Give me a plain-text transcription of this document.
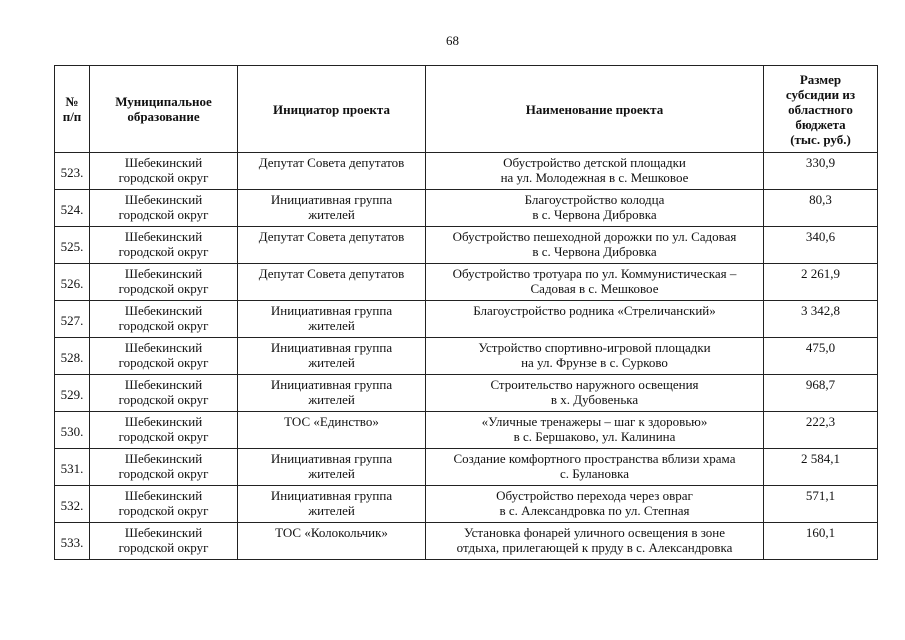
68
№
п/п	Муниципальное
образование	Инициатор проекта	Наименование проекта	Размер
субсидии из
областного
бюджета
(тыс. руб.)

523.	Шебекинский
городской округ	Депутат Совета депутатов	Обустройство детской площадки
на ул. Молодежная в с. Мешковое	330,9
524.	Шебекинский
городской округ	Инициативная группа
жителей	Благоустройство колодца
в с. Червона Дибровка	80,3
525.	Шебекинский
городской округ	Депутат Совета депутатов	Обустройство пешеходной дорожки по ул. Садовая
в с. Червона Дибровка	340,6
526.	Шебекинский
городской округ	Депутат Совета депутатов	Обустройство тротуара по ул. Коммунистическая –
Садовая в с. Мешковое	2 261,9
527.	Шебекинский
городской округ	Инициативная группа
жителей	Благоустройство родника «Стреличанский»	3 342,8
528.	Шебекинский
городской округ	Инициативная группа
жителей	Устройство спортивно-игровой площадки
на ул. Фрунзе в с. Сурково	475,0
529.	Шебекинский
городской округ	Инициативная группа
жителей	Строительство наружного освещения
в х. Дубовенька	968,7
530.	Шебекинский
городской округ	ТОС «Единство»	«Уличные тренажеры – шаг к здоровью»
в с. Бершаково, ул. Калинина	222,3
531.	Шебекинский
городской округ	Инициативная группа
жителей	Создание комфортного пространства вблизи храма
с. Булановка	2 584,1
532.	Шебекинский
городской округ	Инициативная группа
жителей	Обустройство перехода через овраг
в с. Александровка по ул. Степная	571,1
533.	Шебекинский
городской округ	ТОС «Колокольчик»	Установка фонарей уличного освещения в зоне
отдыха, прилегающей к пруду в с. Александровка	160,1
